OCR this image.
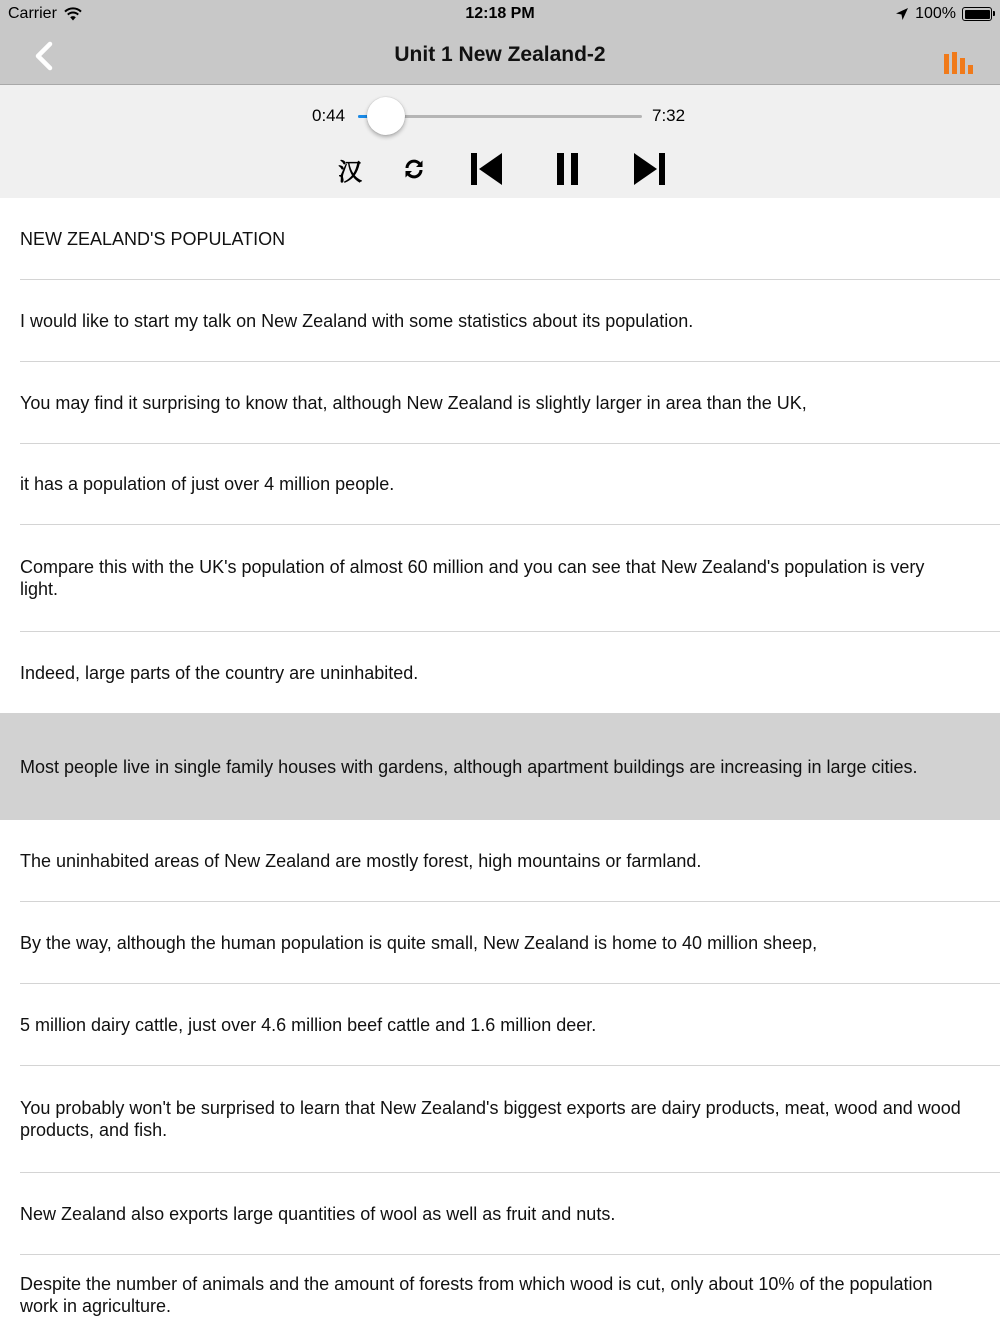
Carrier	12:18 PM	100%
Unit 1 New Zealand-2
0:44	7:32
汉
NEW ZEALAND'S POPULATION
I would like to start my talk on New Zealand with some statistics about its population.
You may find it surprising to know that, although New Zealand is slightly larger in area than the UK,
it has a population of just over 4 million people.
Compare this with the UK's population of almost 60 million and you can see that New Zealand's population is very light.
Indeed, large parts of the country are uninhabited.
Most people live in single family houses with gardens, although apartment buildings are increasing in large cities.
The uninhabited areas of New Zealand are mostly forest, high mountains or farmland.
By the way, although the human population is quite small, New Zealand is home to 40 million sheep,
5 million dairy cattle, just over 4.6 million beef cattle and 1.6 million deer.
You probably won't be surprised to learn that New Zealand's biggest exports are dairy products, meat, wood and wood products, and fish.
New Zealand also exports large quantities of wool as well as fruit and nuts.
Despite the number of animals and the amount of forests from which wood is cut, only about 10% of the population work in agriculture.
